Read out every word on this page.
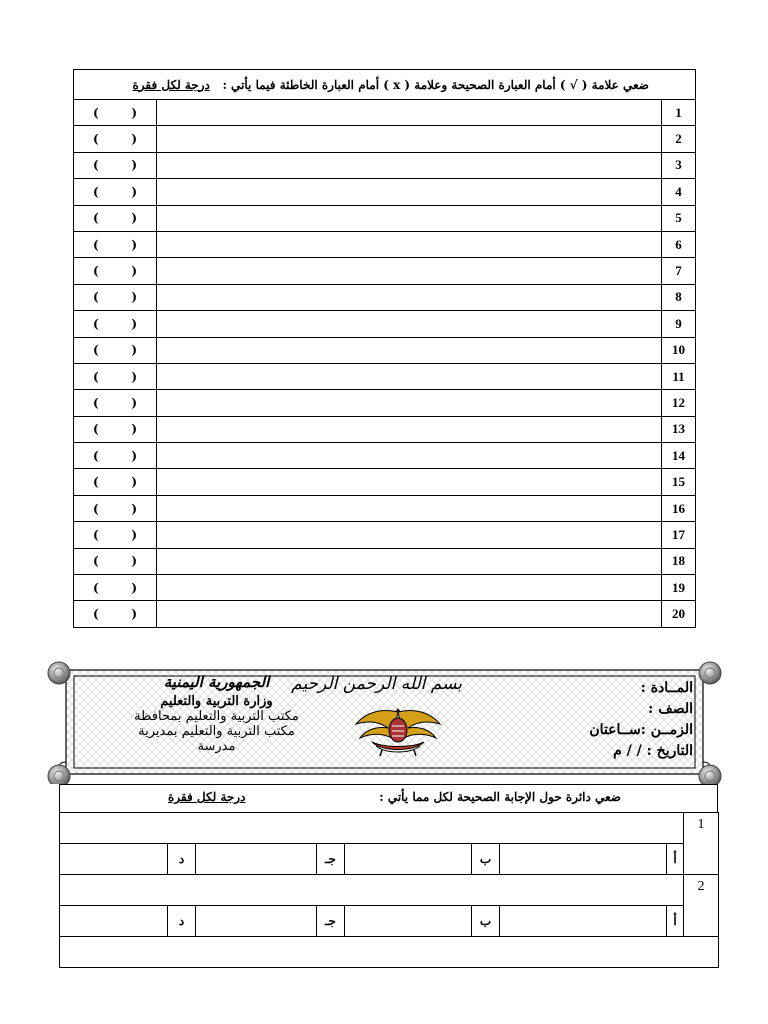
ضعي علامة ( √ ) أمام العبارة الصحيحة وعلامة ( x ) أمام العبارة الخاطئة فيما يأتي :   درجة لكل فقرة		
( )		1
( )		2
( )		3
( )		4
( )		5
( )		6
( )		7
( )		8
( )		9
( )		10
( )		11
( )		12
( )		13
( )		14
( )		15
( )		16
( )		17
( )		18
( )		19
( )		20
المــادة :
الصف :
الزمــن :ســاعتان
التاريخ : / / م
بسم الله الرحمن الرحيم
الجمهورية اليمنية
وزارة التربية والتعليم
مكتب التربية والتعليم بمحافظة
مكتب التربية والتعليم بمديرية
مدرسة
ضعي دائرة حول الإجابة الصحيحة لكل مما يأتي :
درجة لكل فقرة
								1
	د		جـ		ب		أ	
								2
	د		جـ		ب		أ	
